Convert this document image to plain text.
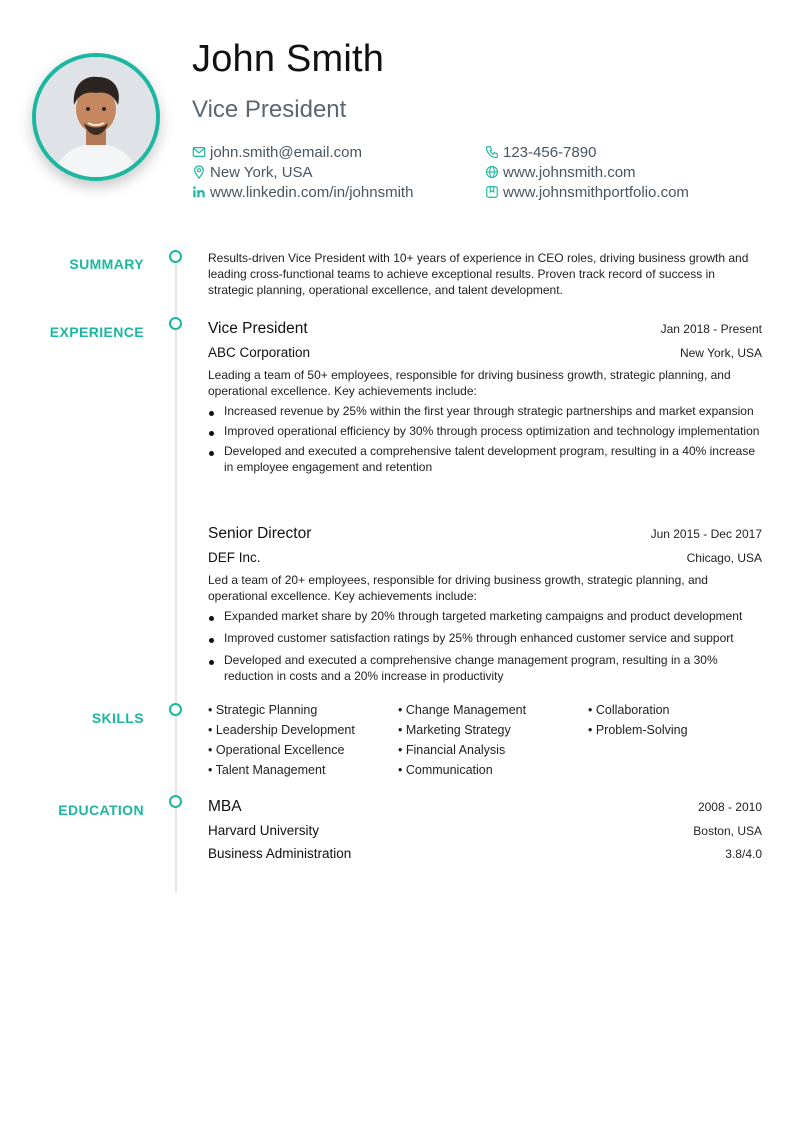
John Smith
Vice President
john.smith@email.com
New York, USA
www.linkedin.com/in/johnsmith
123-456-7890
www.johnsmith.com
www.johnsmithportfolio.com
SUMMARY
EXPERIENCE
SKILLS
EDUCATION
Results-driven Vice President with 10+ years of experience in CEO roles, driving business growth and leading cross-functional teams to achieve exceptional results. Proven track record of success in strategic planning, operational excellence, and talent development.
Vice President	Jan 2018 - Present
ABC Corporation	New York, USA
Leading a team of 50+ employees, responsible for driving business growth, strategic planning, and operational excellence. Key achievements include:
Increased revenue by 25% within the first year through strategic partnerships and market expansion
Improved operational efficiency by 30% through process optimization and technology implementation
Developed and executed a comprehensive talent development program, resulting in a 40% increase in employee engagement and retention
Senior Director	Jun 2015 - Dec 2017
DEF Inc.	Chicago, USA
Led a team of 20+ employees, responsible for driving business growth, strategic planning, and operational excellence. Key achievements include:
Expanded market share by 20% through targeted marketing campaigns and product development
Improved customer satisfaction ratings by 25% through enhanced customer service and support
Developed and executed a comprehensive change management program, resulting in a 30% reduction in costs and a 20% increase in productivity
• Strategic Planning	• Change Management	• Collaboration
• Leadership Development	• Marketing Strategy	• Problem-Solving
• Operational Excellence	• Financial Analysis
• Talent Management	• Communication
MBA	2008 - 2010
Harvard University	Boston, USA
Business Administration	3.8/4.0
